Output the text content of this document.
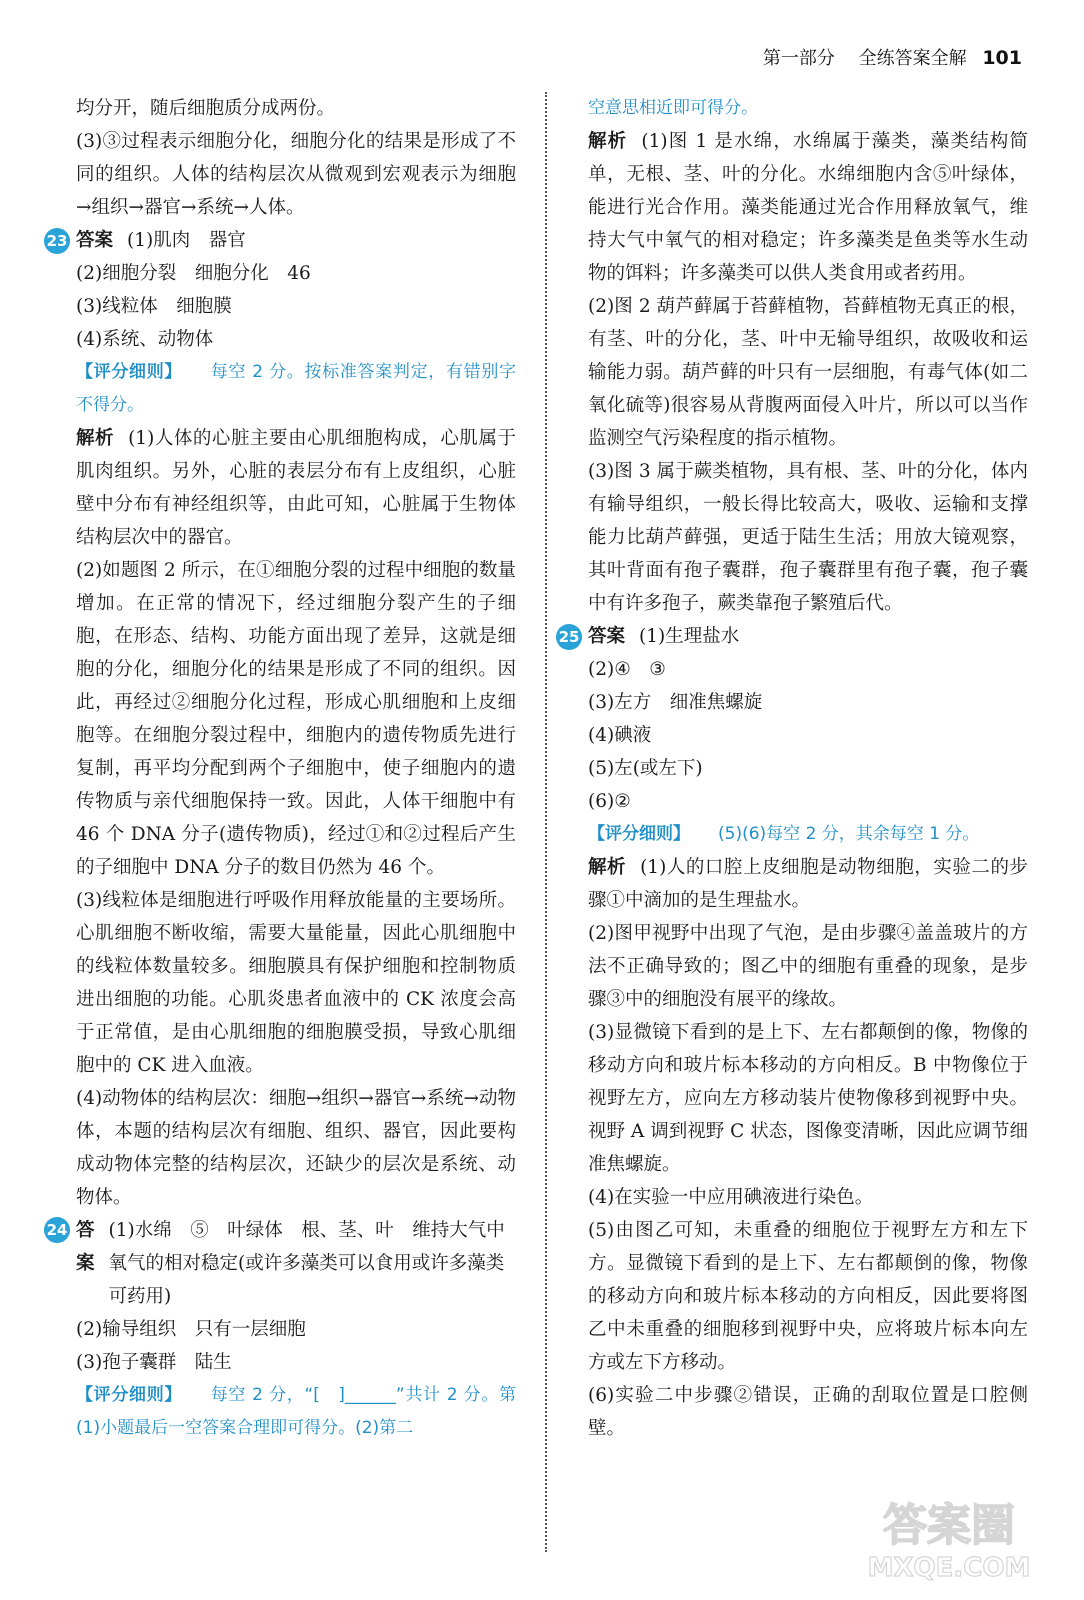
第一部分 全练答案全解 101

均分开，随后细胞质分成两份。

(3)③过程表示细胞分化，细胞分化的结果是形成了不同的组织。人体的结构层次从微观到宏观表示为细胞→组织→器官→系统→人体。

23 答案 (1)肌肉　器官

(2)细胞分裂　细胞分化　46

(3)线粒体　细胞膜

(4)系统、动物体

【评分细则】 每空 2 分。按标准答案判定，有错别字不得分。

解析 (1)人体的心脏主要由心肌细胞构成，心肌属于肌肉组织。另外，心脏的表层分布有上皮组织，心脏壁中分布有神经组织等，由此可知，心脏属于生物体结构层次中的器官。

(2)如题图 2 所示，在①细胞分裂的过程中细胞的数量增加。在正常的情况下，经过细胞分裂产生的子细胞，在形态、结构、功能方面出现了差异，这就是细胞的分化，细胞分化的结果是形成了不同的组织。因此，再经过②细胞分化过程，形成心肌细胞和上皮细胞等。在细胞分裂过程中，细胞内的遗传物质先进行复制，再平均分配到两个子细胞中，使子细胞内的遗传物质与亲代细胞保持一致。因此，人体干细胞中有 46 个 DNA 分子(遗传物质)，经过①和②过程后产生的子细胞中 DNA 分子的数目仍然为 46 个。

(3)线粒体是细胞进行呼吸作用释放能量的主要场所。心肌细胞不断收缩，需要大量能量，因此心肌细胞中的线粒体数量较多。细胞膜具有保护细胞和控制物质进出细胞的功能。心肌炎患者血液中的 CK 浓度会高于正常值，是由心肌细胞的细胞膜受损，导致心肌细胞中的 CK 进入血液。

(4)动物体的结构层次：细胞→组织→器官→系统→动物体，本题的结构层次有细胞、组织、器官，因此要构成动物体完整的结构层次，还缺少的层次是系统、动物体。

24 答案
(1)水绵　⑤　叶绿体　根、茎、叶　维持大气中氧气的相对稳定(或许多藻类可以食用或许多藻类可药用)

(2)输导组织　只有一层细胞

(3)孢子囊群　陆生

【评分细则】 每空 2 分，“[　]______”共计 2 分。第(1)小题最后一空答案合理即可得分。(2)第二

空意思相近即可得分。

解析 (1)图 1 是水绵，水绵属于藻类，藻类结构简单，无根、茎、叶的分化。水绵细胞内含⑤叶绿体，能进行光合作用。藻类能通过光合作用释放氧气，维持大气中氧气的相对稳定；许多藻类是鱼类等水生动物的饵料；许多藻类可以供人类食用或者药用。

(2)图 2 葫芦藓属于苔藓植物，苔藓植物无真正的根，有茎、叶的分化，茎、叶中无输导组织，故吸收和运输能力弱。葫芦藓的叶只有一层细胞，有毒气体(如二氧化硫等)很容易从背腹两面侵入叶片，所以可以当作监测空气污染程度的指示植物。

(3)图 3 属于蕨类植物，具有根、茎、叶的分化，体内有输导组织，一般长得比较高大，吸收、运输和支撑能力比葫芦藓强，更适于陆生生活；用放大镜观察，其叶背面有孢子囊群，孢子囊群里有孢子囊，孢子囊中有许多孢子，蕨类靠孢子繁殖后代。

25 答案 (1)生理盐水

(2)④　③

(3)左方　细准焦螺旋

(4)碘液

(5)左(或左下)

(6)②

【评分细则】 (5)(6)每空 2 分，其余每空 1 分。

解析 (1)人的口腔上皮细胞是动物细胞，实验二的步骤①中滴加的是生理盐水。

(2)图甲视野中出现了气泡，是由步骤④盖盖玻片的方法不正确导致的；图乙中的细胞有重叠的现象，是步骤③中的细胞没有展平的缘故。

(3)显微镜下看到的是上下、左右都颠倒的像，物像的移动方向和玻片标本移动的方向相反。B 中物像位于视野左方，应向左方移动装片使物像移到视野中央。视野 A 调到视野 C 状态，图像变清晰，因此应调节细准焦螺旋。

(4)在实验一中应用碘液进行染色。

(5)由图乙可知，未重叠的细胞位于视野左方和左下方。显微镜下看到的是上下、左右都颠倒的像，物像的移动方向和玻片标本移动的方向相反，因此要将图乙中未重叠的细胞移到视野中央，应将玻片标本向左方或左下方移动。

(6)实验二中步骤②错误，正确的刮取位置是口腔侧壁。

答案圈
MXQE.COM
